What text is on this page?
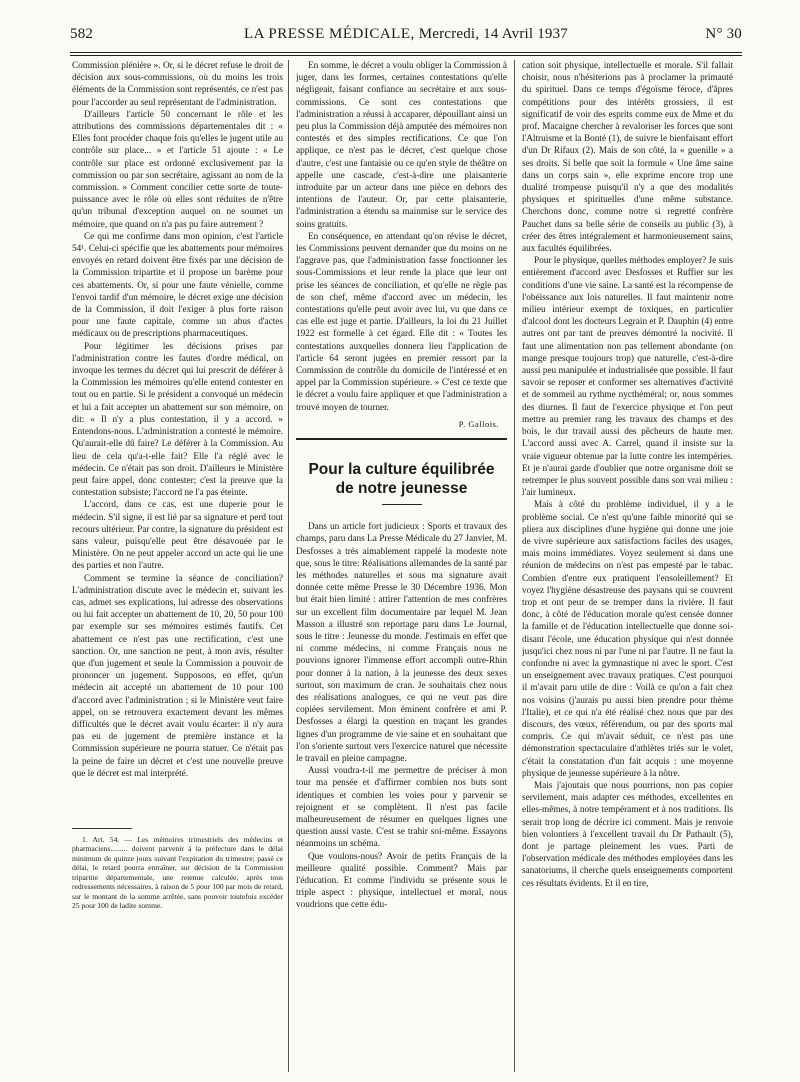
582	LA PRESSE MÉDICALE, Mercredi, 14 Avril 1937	N° 30

Commission plénière ». Or, si le décret refuse le droit de décision aux sous-commissions, où du moins les trois éléments de la Commission sont représentés, ce n'est pas pour l'accorder au seul représentant de l'administration.

D'ailleurs l'article 50 concernant le rôle et les attributions des commissions départementales dit : « Elles font procéder chaque fois qu'elles le jugent utile au contrôle sur place... » et l'article 51 ajoute : « Le contrôle sur place est ordonné exclusivement par la commission ou par son secrétaire, agissant au nom de la commission. » Comment concilier cette sorte de toute-puissance avec le rôle où elles sont réduites de n'être qu'un tribunal d'exception auquel on ne soumet un mémoire, que quand on n'a pas pu faire autrement ?

Ce qui me confirme dans mon opinion, c'est l'article 54¹. Celui-ci spécifie que les abattements pour mémoires envoyés en retard doivent être fixés par une décision de la Commission tripartite et il propose un barème pour ces abattements. Or, si pour une faute vénielle, comme l'envoi tardif d'un mémoire, le décret exige une décision de la Commission, il doit l'exiger à plus forte raison pour une faute capitale, comme un abus d'actes médicaux ou de prescriptions pharmaceutiques.

Pour légitimer les décisions prises par l'administration contre les fautes d'ordre médical, on invoque les termes du décret qui lui prescrit de déférer à la Commission les mémoires qu'elle entend contester en tout ou en partie. Si le président a convoqué un médecin et lui a fait accepter un abattement sur son mémoire, on dit: « Il n'y a plus contestation, il y a accord. » Entendons-nous. L'administration a contesté le mémoire. Qu'aurait-elle dû faire? Le déférer à la Commission. Au lieu de cela qu'a-t-elle fait? Elle l'a réglé avec le médecin. Ce n'était pas son droit. D'ailleurs le Ministère peut faire appel, donc contester; c'est la preuve que la contestation subsiste; l'accord ne l'a pas éteinte.

L'accord, dans ce cas, est une duperie pour le médecin. S'il signe, il est lié par sa signature et perd tout recours ultérieur. Par contre, la signature du président est sans valeur, puisqu'elle peut être désavouée par le Ministère. On ne peut appeler accord un acte qui lie une des parties et non l'autre.

Comment se termine la séance de conciliation? L'administration discute avec le médecin et, suivant les cas, admet ses explications, lui adresse des observations ou lui fait accepter un abattement de 10, 20, 50 pour 100 par exemple sur ses mémoires estimés fautifs. Cet abattement ce n'est pas une rectification, c'est une sanction. Or, une sanction ne peut, à mon avis, résulter que d'un jugement et seule la Commission a pouvoir de prononcer un jugement. Supposons, en effet, qu'un médecin ait accepté un abattement de 10 pour 100 d'accord avec l'administration ; si le Ministère veut faire appel, on se retrouvera exactement devant les mêmes difficultés que le décret avait voulu écarter: il n'y aura pas eu de jugement de première instance et la Commission supérieure ne pourra statuer. Ce n'était pas la peine de faire un décret et c'est une nouvelle preuve que le décret est mal interprété.

1. Art. 54. — Les mémoires trimestriels des médecins et pharmaciens......... doivent parvenir à la préfecture dans le délai minimum de quinze jours suivant l'expiration du trimestre; passé ce délai, le retard pourra entraîner, sur décision de la Commission tripartite départementale, une retenue calculée, après tous redressements nécessaires, à raison de 5 pour 100 par mois de retard, sur le montant de la somme arrêtée, sans pouvoir toutefois excéder 25 pour 100 de ladite somme.

En somme, le décret a voulu obliger la Commission à juger, dans les formes, certaines contestations qu'elle négligeait, faisant confiance au secrétaire et aux sous-commissions. Ce sont ces contestations que l'administration a réussi à accaparer, dépouillant ainsi un peu plus la Commission déjà amputée des mémoires non contestés et des simples rectifications. Ce que l'on applique, ce n'est pas le décret, c'est quelque chose d'autre, c'est une fantaisie ou ce qu'en style de théâtre on appelle une cascade, c'est-à-dire une plaisanterie introduite par un acteur dans une pièce en dehors des intentions de l'auteur. Or, par cette plaisanterie, l'administration a étendu sa mainmise sur le service des soins gratuits.

En conséquence, en attendant qu'on révise le décret, les Commissions peuvent demander que du moins on ne l'aggrave pas, que l'administration fasse fonctionner les sous-Commissions et leur rende la place que leur ont prise les séances de conciliation, et qu'elle ne règle pas de son chef, même d'accord avec un médecin, les contestations qu'elle peut avoir avec lui, vu que dans ce cas elle est juge et partie. D'ailleurs, la loi du 21 Juillet 1922 est formelle à cet égard. Elle dit : « Toutes les contestations auxquelles donnera lieu l'application de l'article 64 seront jugées en premier ressort par la Commission de contrôle du domicile de l'intéressé et en appel par la Commission supérieure. » C'est ce texte que le décret a voulu faire appliquer et que l'administration a trouvé moyen de tourner.

P. Gallois.

Pour la culture équilibrée
de notre jeunesse

Dans un article fort judicieux : Sports et travaux des champs, paru dans La Presse Médicale du 27 Janvier, M. Desfosses a très aimablement rappelé la modeste note que, sous le titre: Réalisations allemandes de la santé par les méthodes naturelles et sous ma signature avait donnée cette même Presse le 30 Décembre 1936. Mon but était bien limité : attirer l'attention de mes confrères sur un excellent film documentaire par lequel M. Jean Masson a illustré son reportage paru dans Le Journal, sous le titre : Jeunesse du monde. J'estimais en effet que ni comme médecins, ni comme Français nous ne pouvions ignorer l'immense effort accompli outre-Rhin pour donner à la nation, à la jeunesse des deux sexes surtout, son maximum de cran. Je souhaitais chez nous des réalisations analogues, ce qui ne veut pas dire copiées servilement. Mon éminent confrère et ami P. Desfosses a élargi la question en traçant les grandes lignes d'un programme de vie saine et en souhaitant que l'on s'oriente surtout vers l'exercice naturel que nécessite le travail en pleine campagne.

Aussi voudra-t-il me permettre de préciser à mon tour ma pensée et d'affirmer combien nos buts sont identiques et combien les voies pour y parvenir se rejoignent et se complètent. Il n'est pas facile malheureusement de résumer en quelques lignes une question aussi vaste. C'est se trahir soi-même. Essayons néanmoins un schéma.

Que voulons-nous? Avoir de petits Français de la meilleure qualité possible. Comment? Mais par l'éducation. Et comme l'individu se présente sous le triple aspect : physique, intellectuel et moral, nous voudrions que cette édu-

cation soit physique, intellectuelle et morale. S'il fallait choisir, nous n'hésiterions pas à proclamer la primauté du spirituel. Dans ce temps d'égoïsme féroce, d'âpres compétitions pour des intérêts grossiers, il est significatif de voir des esprits comme eux de Mme et du prof. Macaigne chercher à revaloriser les forces que sont l'Altruisme et la Bonté (1), de suivre le bienfaisant effort d'un Dr Rifaux (2). Mais de son côté, la « guenille » a ses droits. Si belle que soit la formule « Une âme saine dans un corps sain », elle exprime encore trop une dualité trompeuse puisqu'il n'y a que des modalités physiques et spirituelles d'une même substance. Cherchons donc, comme notre si regretté confrère Pauchet dans sa belle série de conseils au public (3), à créer des êtres intégralement et harmonieusement sains, aux facultés équilibrées.

Pour le physique, quelles méthodes employer? Je suis entièrement d'accord avec Desfosses et Ruffier sur les conditions d'une vie saine. La santé est la récompense de l'obéissance aux lois naturelles. Il faut maintenir notre milieu intérieur exempt de toxiques, en particulier d'alcool dont les docteurs Legrain et P. Dauphin (4) entre autres ont par tant de preuves démontré la nocivité. Il faut une alimentation non pas tellement abondante (on mange presque toujours trop) que naturelle, c'est-à-dire aussi peu manipulée et industrialisée que possible. Il faut savoir se reposer et conformer ses alternatives d'activité et de sommeil au rythme nycthéméral; or, nous sommes des diurnes. Il faut de l'exercice physique et l'on peut mettre au premier rang les travaux des champs et des bois, le dur travail aussi des pêcheurs de haute mer. L'accord aussi avec A. Carrel, quand il insiste sur la vraie vigueur obtenue par la lutte contre les intempéries. Et je n'aurai garde d'oublier que notre organisme doit se retremper le plus souvent possible dans son vrai milieu : l'air lumineux.

Mais à côté du problème individuel, il y a le problème social. Ce n'est qu'une faible minorité qui se pliera aux disciplines d'une hygiène qui donne une joie de vivre supérieure aux satisfactions faciles des usages, mais moins immédiates. Voyez seulement si dans une réunion de médecins on n'est pas empesté par le tabac. Combien d'entre eux pratiquent l'ensoleillement? Et voyez l'hygiène désastreuse des paysans qui se couvrent trop et ont peur de se tremper dans la rivière. Il faut donc, à côté de l'éducation morale qu'est censée donner la famille et de l'éducation intellectuelle que donne soi-disant l'école, une éducation physique qui n'est donnée jusqu'ici chez nous ni par l'une ni par l'autre. Il ne faut la confondre ni avec la gymnastique ni avec le sport. C'est un enseignement avec travaux pratiques. C'est pourquoi il m'avait paru utile de dire : Voilà ce qu'on a fait chez nos voisins (j'aurais pu aussi bien prendre pour thème l'Italie), et ce qui n'a été réalisé chez nous que par des discours, des vœux, référendum, ou par des sports mal compris. Ce qui m'avait séduit, ce n'est pas une démonstration spectaculaire d'athlètes triés sur le volet, c'était la constatation d'un fait acquis : une moyenne physique de jeunesse supérieure à la nôtre.

Mais j'ajoutais que nous pourrions, non pas copier servilement, mais adapter ces méthodes, excellentes en elles-mêmes, à notre tempérament et à nos traditions. Ils serait trop long de décrire ici comment. Mais je renvoie bien volontiers à l'excellent travail du Dr Pathault (5), dont je partage pleinement les vues. Parti de l'observation médicale des méthodes employées dans les sanatoriums, il cherche quels enseignements comportent ces résultats évidents. Et il en tire,
